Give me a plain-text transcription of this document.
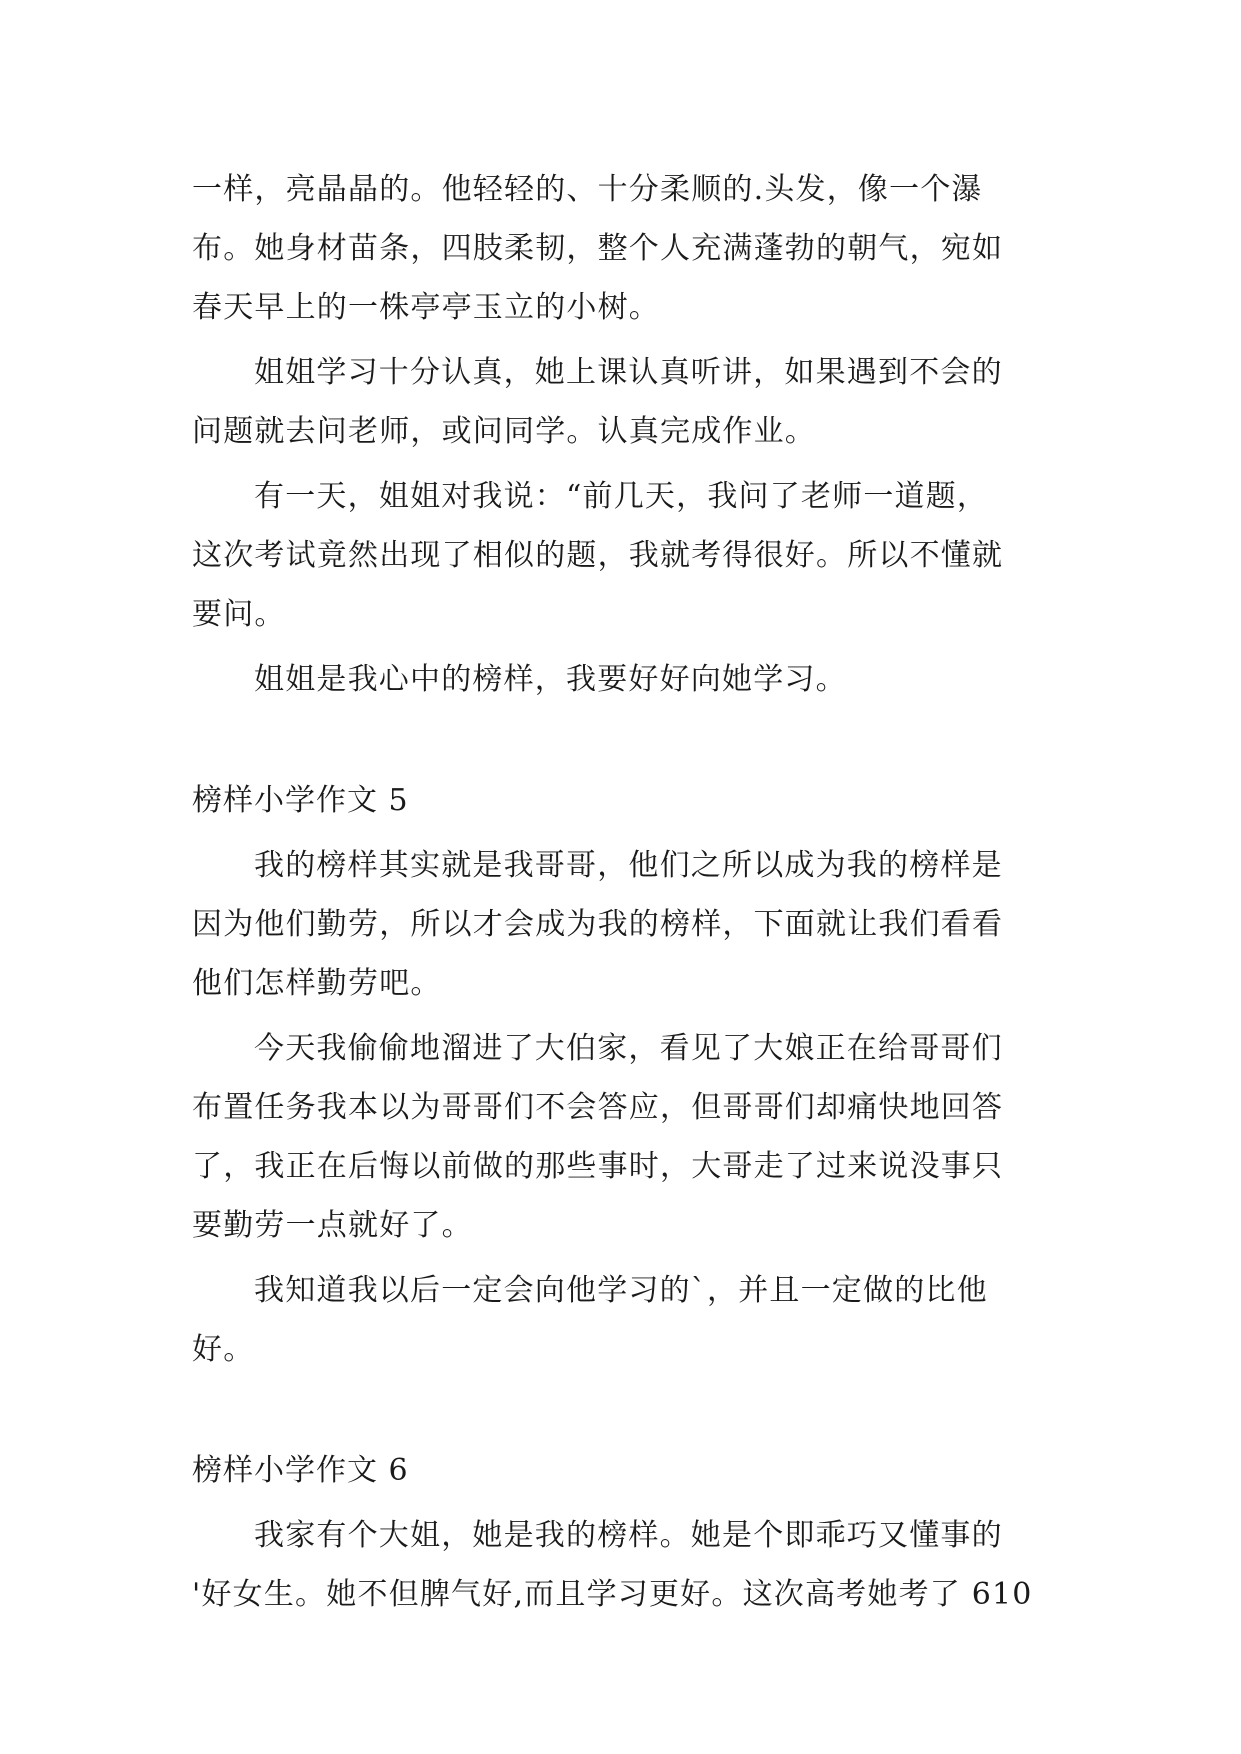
一样，亮晶晶的。他轻轻的、十分柔顺的.头发，像一个瀑
布。她身材苗条，四肢柔韧，整个人充满蓬勃的朝气，宛如
春天早上的一株亭亭玉立的小树。
姐姐学习十分认真，她上课认真听讲，如果遇到不会的
问题就去问老师，或问同学。认真完成作业。
有一天，姐姐对我说：“前几天，我问了老师一道题，
这次考试竟然出现了相似的题，我就考得很好。所以不懂就
要问。
姐姐是我心中的榜样，我要好好向她学习。
榜样小学作文 5
我的榜样其实就是我哥哥，他们之所以成为我的榜样是
因为他们勤劳，所以才会成为我的榜样，下面就让我们看看
他们怎样勤劳吧。
今天我偷偷地溜进了大伯家，看见了大娘正在给哥哥们
布置任务我本以为哥哥们不会答应，但哥哥们却痛快地回答
了，我正在后悔以前做的那些事时，大哥走了过来说没事只
要勤劳一点就好了。
我知道我以后一定会向他学习的`，并且一定做的比他
好。
榜样小学作文 6
我家有个大姐，她是我的榜样。她是个即乖巧又懂事的
'好女生。她不但脾气好,而且学习更好。这次高考她考了 610
